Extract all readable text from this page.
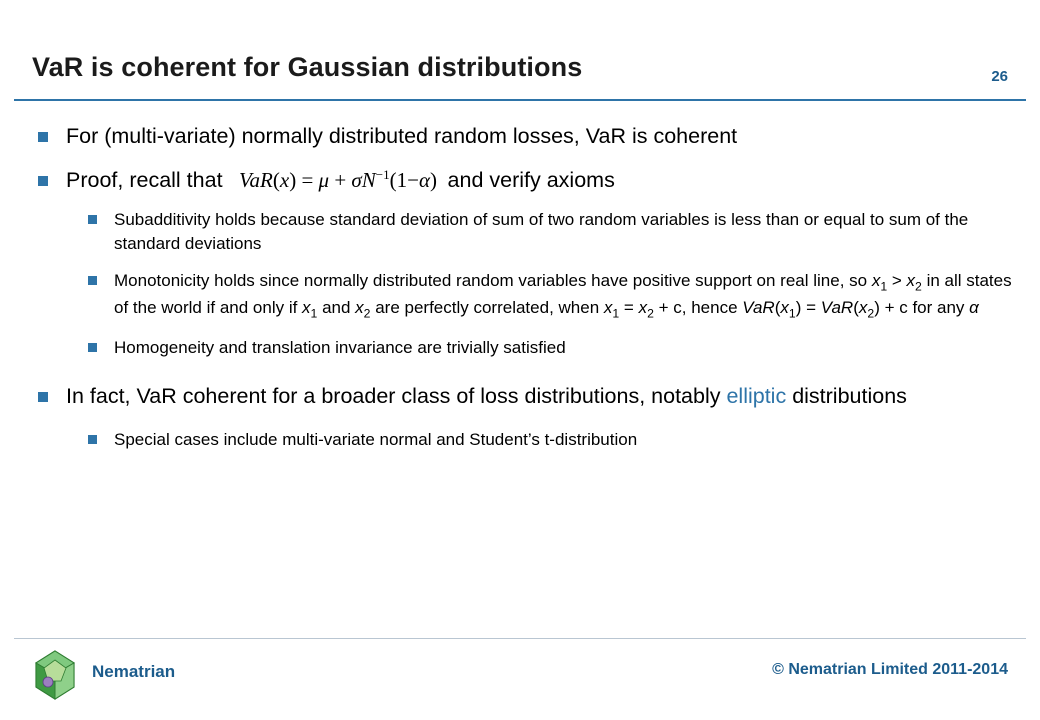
VaR is coherent for Gaussian distributions	26
For (multi-variate) normally distributed random losses, VaR is coherent
Proof, recall that $VaR(x) = \mu + \sigma N^{-1}(1-\alpha)$ and verify axioms
Subadditivity holds because standard deviation of sum of two random variables is less than or equal to sum of the standard deviations
Monotonicity holds since normally distributed random variables have positive support on real line, so $x_1 > x_2$ in all states of the world if and only if $x_1$ and $x_2$ are perfectly correlated, when $x_1 = x_2 + c$, hence $VaR(x_1) = VaR(x_2) + c$ for any α
Homogeneity and translation invariance are trivially satisfied
In fact, VaR coherent for a broader class of loss distributions, notably elliptic distributions
Special cases include multi-variate normal and Student’s t-distribution
Nematrian	© Nematrian Limited 2011-2014
